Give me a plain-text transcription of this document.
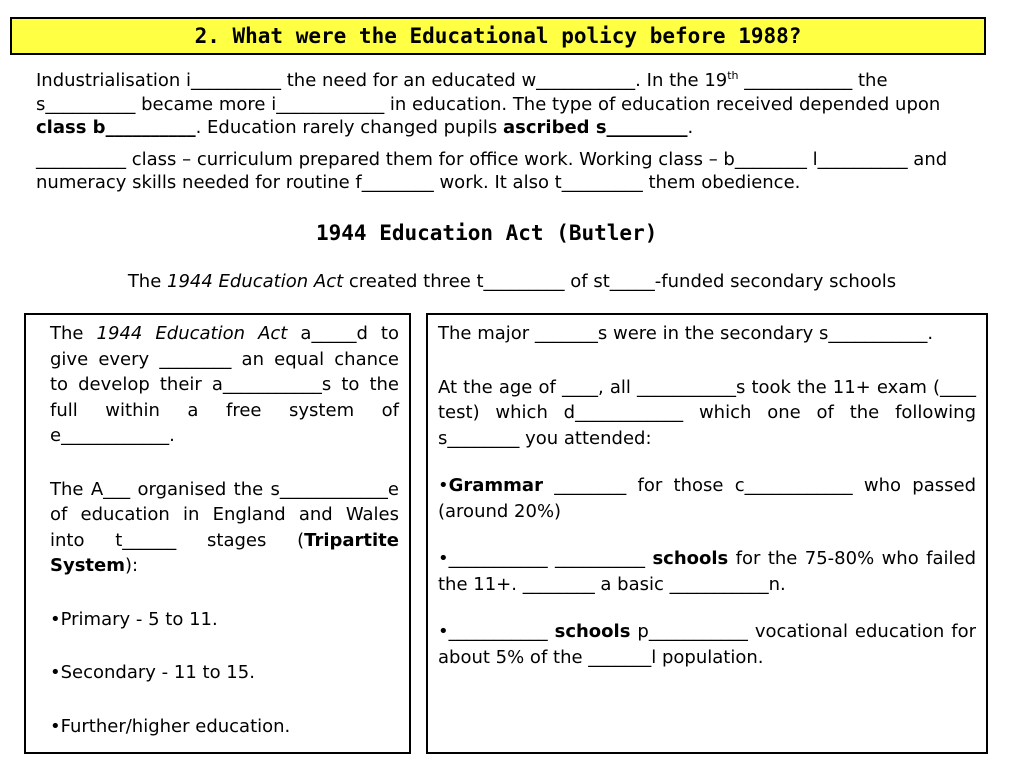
2. What were the Educational policy before 1988?

Industrialisation i__________ the need for an educated w___________. In the 19th ____________ the s__________ became more i____________ in education. The type of education received depended upon class b__________. Education rarely changed pupils ascribed s_________.

__________ class – curriculum prepared them for office work. Working class – b________ l__________ and numeracy skills needed for routine f________ work. It also t_________ them obedience.

1944 Education Act (Butler)
The 1944 Education Act created three t_________ of st_____-funded secondary schools

The 1944 Education Act a_____d to give every ________ an equal chance to develop their a___________s to the full within a free system of e____________.

The A___ organised the s____________e of education in England and Wales into t______ stages (Tripartite System):

•Primary - 5 to 11.

•Secondary - 11 to 15.

•Further/higher education.

The major _______s were in the secondary s___________.

At the age of ____, all ___________s took the 11+ exam (____ test) which d____________ which one of the following s________ you attended:

•Grammar ________ for those c____________ who passed (around 20%)

•___________ __________ schools for the 75-80% who failed the 11+. ________ a basic ___________n.

•___________ schools p___________ vocational education for about 5% of the _______l population.
